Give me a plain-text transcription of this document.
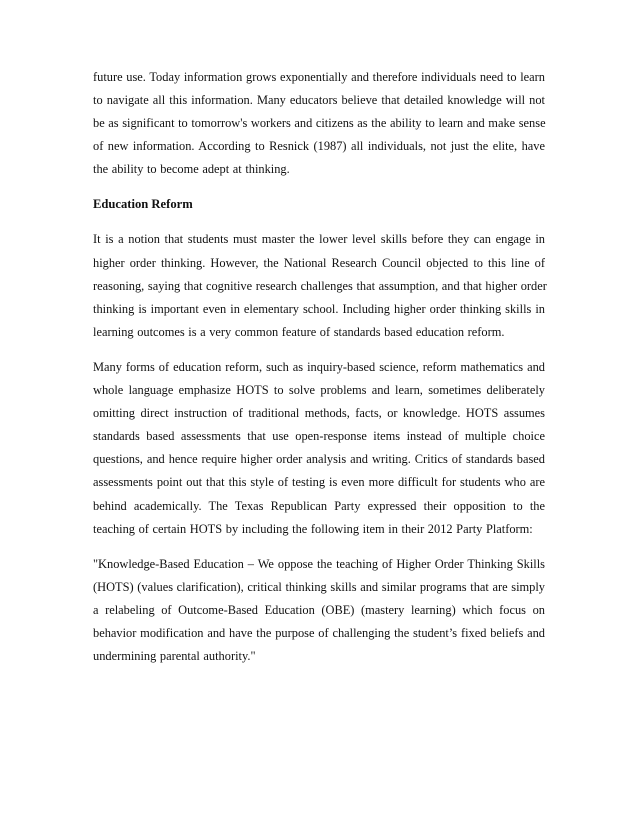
future use. Today information grows exponentially and therefore individuals need to learn
to navigate all this information. Many educators believe that detailed knowledge will not
be as significant to tomorrow's workers and citizens as the ability to learn and make sense
of new information. According to Resnick (1987) all individuals, not just the elite, have
the ability to become adept at thinking.

Education Reform

It is a notion that students must master the lower level skills before they can engage in
higher order thinking. However, the National Research Council objected to this line of
reasoning, saying that cognitive research challenges that assumption, and that higher order
thinking is important even in elementary school. Including higher order thinking skills in
learning outcomes is a very common feature of standards based education reform.

Many forms of education reform, such as inquiry-based science, reform mathematics and
whole language emphasize HOTS to solve problems and learn, sometimes deliberately
omitting direct instruction of traditional methods, facts, or knowledge. HOTS assumes
standards based assessments that use open-response items instead of multiple choice
questions, and hence require higher order analysis and writing. Critics of standards based
assessments point out that this style of testing is even more difficult for students who are
behind academically. The Texas Republican Party expressed their opposition to the
teaching of certain HOTS by including the following item in their 2012 Party Platform:

"Knowledge-Based Education – We oppose the teaching of Higher Order Thinking Skills
(HOTS) (values clarification), critical thinking skills and similar programs that are simply
a relabeling of Outcome-Based Education (OBE) (mastery learning) which focus on
behavior modification and have the purpose of challenging the student’s fixed beliefs and
undermining parental authority."
